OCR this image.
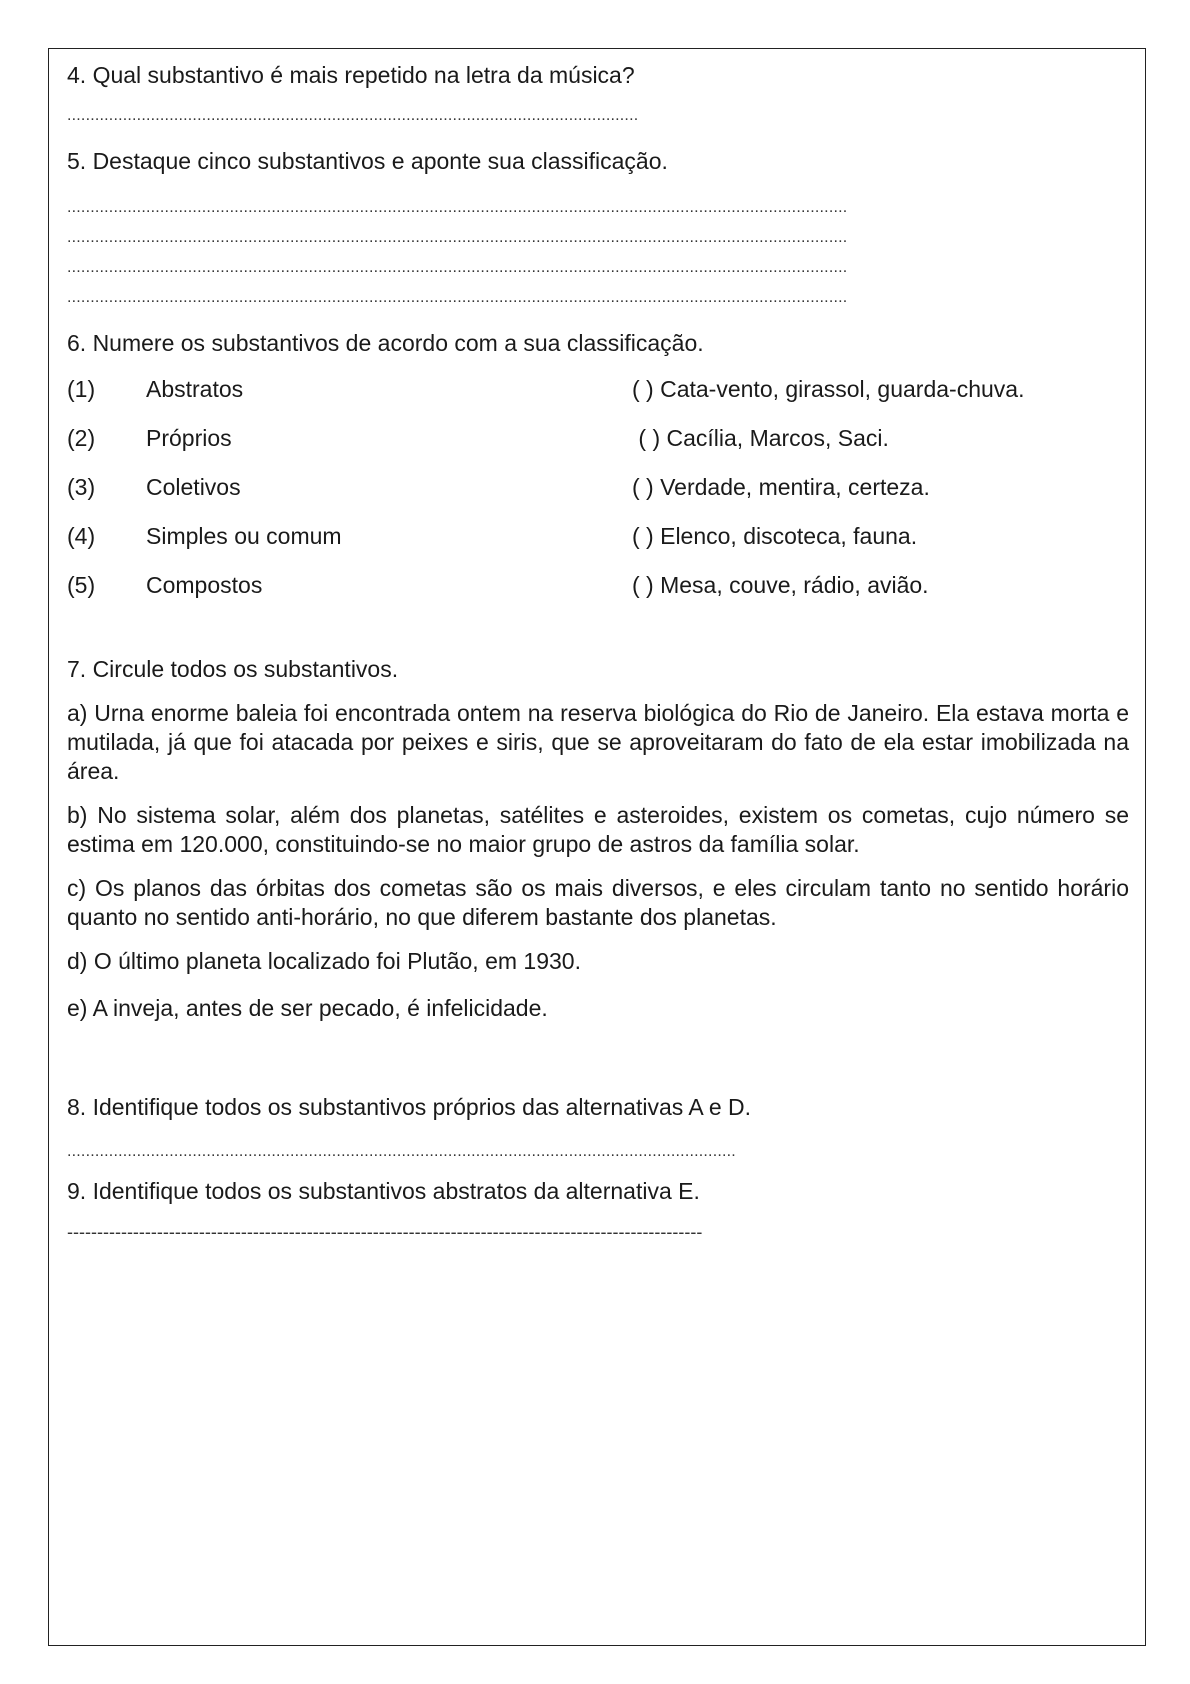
4. Qual substantivo é mais repetido na letra da música?

...........................................................................................................................

5. Destaque cinco substantivos e aponte sua classificação.

........................................................................................................................................................................
........................................................................................................................................................................
........................................................................................................................................................................
........................................................................................................................................................................

6. Numere os substantivos de acordo com a sua classificação.

(1) Abstratos	( ) Cata-vento, girassol, guarda-chuva.
(2) Próprios	( ) Cacília, Marcos, Saci.
(3) Coletivos	( ) Verdade, mentira, certeza.
(4) Simples ou comum	( ) Elenco, discoteca, fauna.
(5) Compostos	( ) Mesa, couve, rádio, avião.

7. Circule todos os substantivos.

a) Urna enorme baleia foi encontrada ontem na reserva biológica do Rio de Janeiro. Ela estava morta e mutilada, já que foi atacada por peixes e siris, que se aproveitaram do fato de ela estar imobilizada na área.

b) No sistema solar, além dos planetas, satélites e asteroides, existem os cometas, cujo número se estima em 120.000, constituindo-se no maior grupo de astros da família solar.

c) Os planos das órbitas dos cometas são os mais diversos, e eles circulam tanto no sentido horário quanto no sentido anti-horário, no que diferem bastante dos planetas.

d) O último planeta localizado foi Plutão, em 1930.

e) A inveja, antes de ser pecado, é infelicidade.

8. Identifique todos os substantivos próprios das alternativas A e D.

................................................................................................................................................

9. Identifique todos os substantivos abstratos da alternativa E.

----------------------------------------------------------------------------------------------------------
